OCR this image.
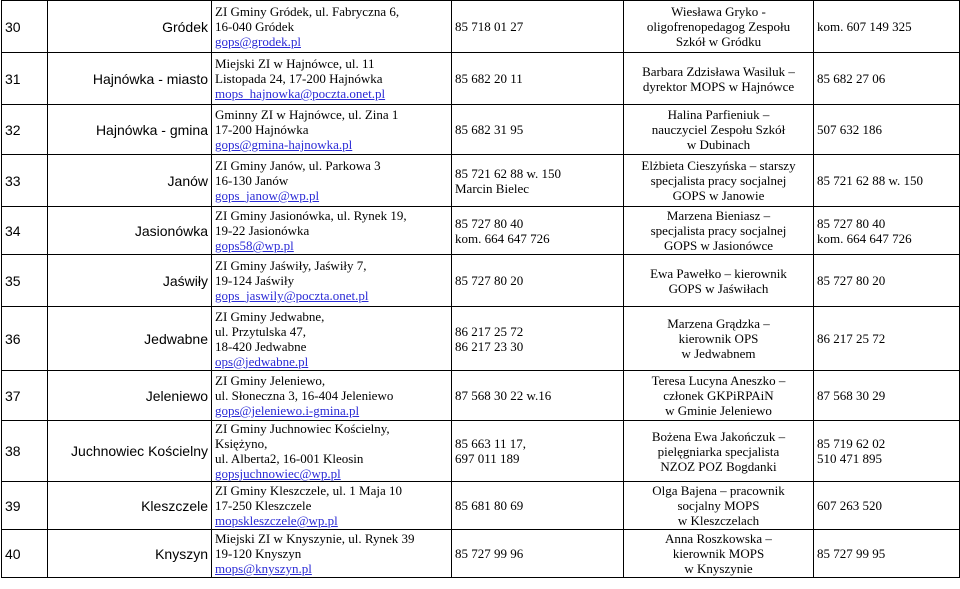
30	Gródek	ZI Gminy Gródek, ul. Fabryczna 6,
16-040 Gródek
gops@grodek.pl	85 718 01 27	Wiesława Gryko -
oligofrenopedagog Zespołu
Szkół w Gródku	kom. 607 149 325

31	Hajnówka - miasto	Miejski ZI w Hajnówce, ul. 11
Listopada 24, 17-200 Hajnówka
mops_hajnowka@poczta.onet.pl	85 682 20 11	Barbara Zdzisława Wasiluk –
dyrektor MOPS w Hajnówce	85 682 27 06

32	Hajnówka - gmina	Gminny ZI w Hajnówce, ul. Zina 1
17-200 Hajnówka
gops@gmina-hajnowka.pl	85 682 31 95	Halina Parfieniuk –
nauczyciel Zespołu Szkół
w Dubinach	507 632 186

33	Janów	ZI Gminy Janów, ul. Parkowa 3
16-130 Janów
gops_janow@wp.pl	85 721 62 88 w. 150
Marcin Bielec	Elżbieta Cieszyńska – starszy
specjalista pracy socjalnej
GOPS w Janowie	85 721 62 88 w. 150

34	Jasionówka	ZI Gminy Jasionówka, ul. Rynek 19,
19-22 Jasionówka
gops58@wp.pl	85 727 80 40
kom. 664 647 726	Marzena Bieniasz –
specjalista pracy socjalnej
GOPS w Jasionówce	85 727 80 40
kom. 664 647 726

35	Jaświły	ZI Gminy Jaświły, Jaświły 7,
19-124 Jaświły
gops_jaswily@poczta.onet.pl	85 727 80 20	Ewa Pawełko – kierownik
GOPS w Jaświłach	85 727 80 20

36	Jedwabne	ZI Gminy Jedwabne,
ul. Przytulska 47,
18-420 Jedwabne
ops@jedwabne.pl	86 217 25 72
86 217 23 30	Marzena Grądzka –
kierownik OPS
w Jedwabnem	86 217 25 72

37	Jeleniewo	ZI Gminy Jeleniewo,
ul. Słoneczna 3, 16-404 Jeleniewo
gops@jeleniewo.i-gmina.pl	87 568 30 22 w.16	Teresa Lucyna Aneszko –
członek GKPiRPAiN
w Gminie Jeleniewo	87 568 30 29

38	Juchnowiec Kościelny	ZI Gminy Juchnowiec Kościelny,
Księżyno,
ul. Alberta2, 16-001 Kleosin
gopsjuchnowiec@wp.pl	85 663 11 17,
697 011 189	Bożena Ewa Jakończuk –
pielęgniarka specjalista
NZOZ POZ Bogdanki	85 719 62 02
510 471 895

39	Kleszczele	ZI Gminy Kleszczele, ul. 1 Maja 10
17-250 Kleszczele
mopskleszczele@wp.pl	85 681 80 69	Olga Bajena – pracownik
socjalny MOPS
w Kleszczelach	607 263 520

40	Knyszyn	Miejski ZI w Knyszynie, ul. Rynek 39
19-120 Knyszyn
mops@knyszyn.pl	85 727 99 96	Anna Roszkowska –
kierownik MOPS
w Knyszynie	85 727 99 95
